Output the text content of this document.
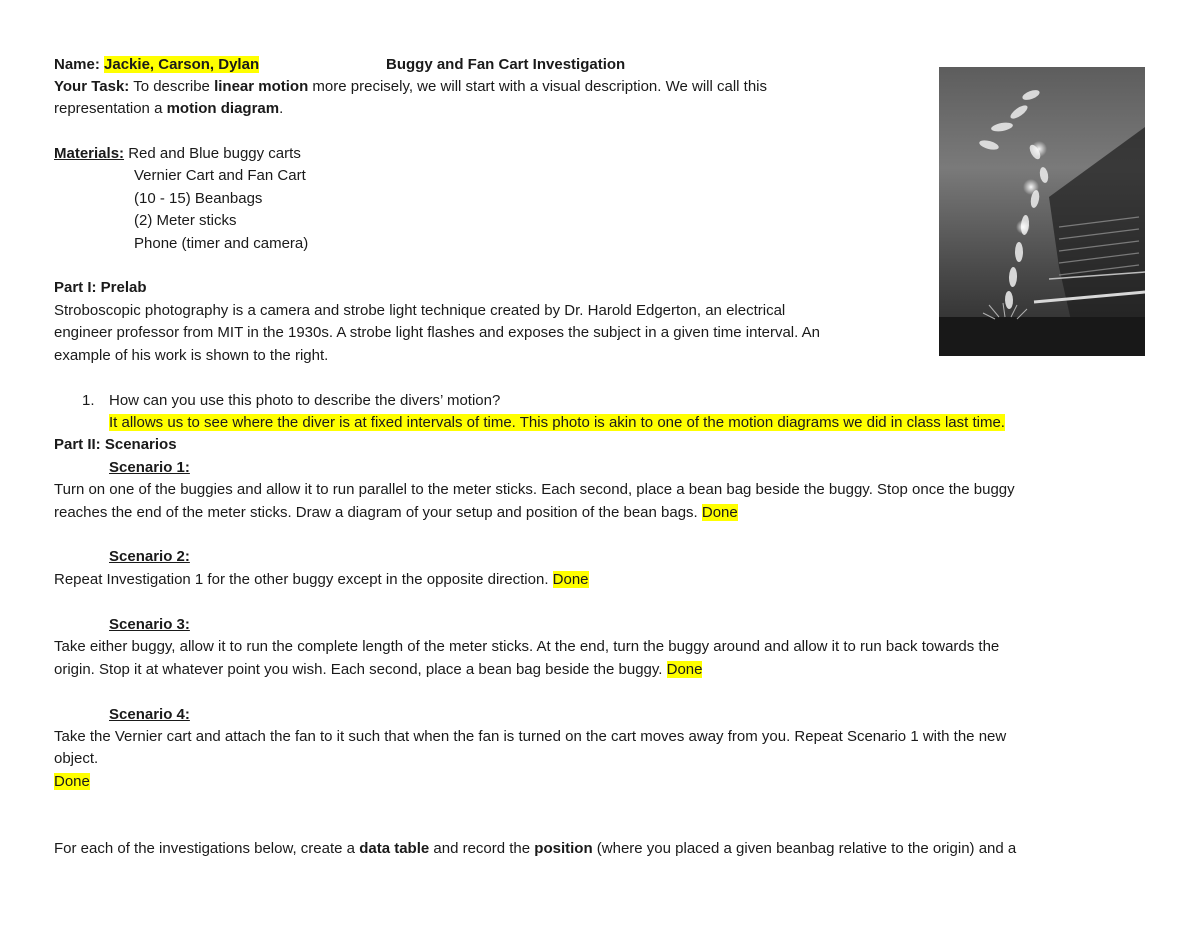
Name: Jackie, Carson, Dylan	Buggy and Fan Cart Investigation
Your Task: To describe linear motion more precisely, we will start with a visual description. We will call this
representation a motion diagram.
Materials: Red and Blue buggy carts
Vernier Cart and Fan Cart
(10 - 15) Beanbags
(2) Meter sticks
Phone (timer and camera)
Part I: Prelab
Stroboscopic photography is a camera and strobe light technique created by Dr. Harold Edgerton, an electrical
engineer professor from MIT in the 1930s. A strobe light flashes and exposes the subject in a given time interval. An
example of his work is shown to the right.
1. How can you use this photo to describe the divers’ motion?
It allows us to see where the diver is at fixed intervals of time. This photo is akin to one of the motion diagrams we did in class last time.
Part II: Scenarios
Scenario 1:
Turn on one of the buggies and allow it to run parallel to the meter sticks. Each second, place a bean bag beside the buggy. Stop once the buggy
reaches the end of the meter sticks. Draw a diagram of your setup and position of the bean bags. Done
Scenario 2:
Repeat Investigation 1 for the other buggy except in the opposite direction. Done
Scenario 3:
Take either buggy, allow it to run the complete length of the meter sticks. At the end, turn the buggy around and allow it to run back towards the
origin. Stop it at whatever point you wish. Each second, place a bean bag beside the buggy. Done
Scenario 4:
Take the Vernier cart and attach the fan to it such that when the fan is turned on the cart moves away from you. Repeat Scenario 1 with the new
object.
Done
For each of the investigations below, create a data table and record the position (where you placed a given beanbag relative to the origin) and a
